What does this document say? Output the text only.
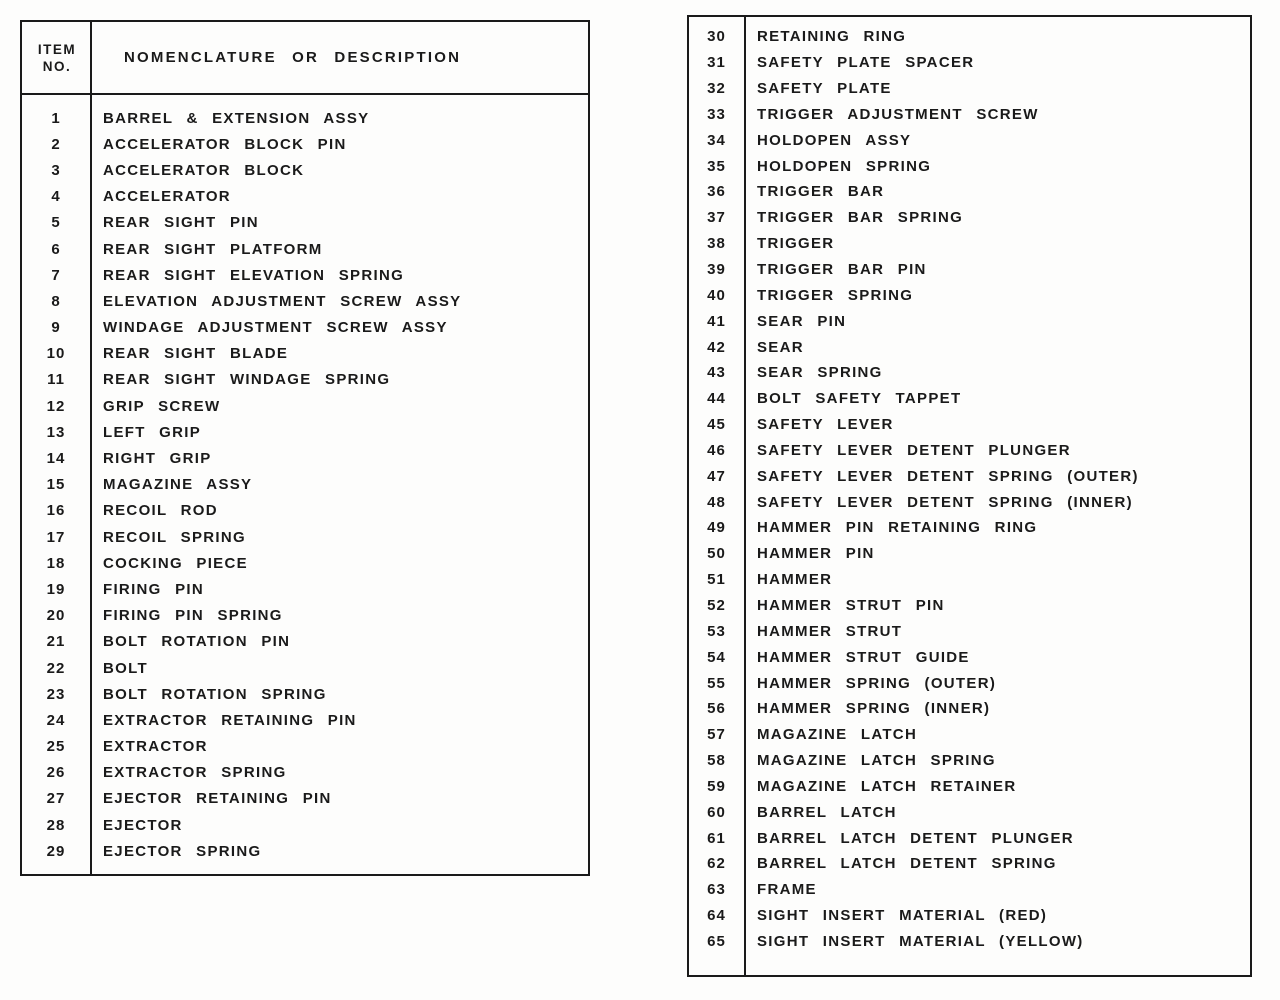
ITEM
NO.	NOMENCLATURE OR DESCRIPTION
1	BARREL & EXTENSION ASSY
2	ACCELERATOR BLOCK PIN
3	ACCELERATOR BLOCK
4	ACCELERATOR
5	REAR SIGHT PIN
6	REAR SIGHT PLATFORM
7	REAR SIGHT ELEVATION SPRING
8	ELEVATION ADJUSTMENT SCREW ASSY
9	WINDAGE ADJUSTMENT SCREW ASSY
10	REAR SIGHT BLADE
11	REAR SIGHT WINDAGE SPRING
12	GRIP SCREW
13	LEFT GRIP
14	RIGHT GRIP
15	MAGAZINE ASSY
16	RECOIL ROD
17	RECOIL SPRING
18	COCKING PIECE
19	FIRING PIN
20	FIRING PIN SPRING
21	BOLT ROTATION PIN
22	BOLT
23	BOLT ROTATION SPRING
24	EXTRACTOR RETAINING PIN
25	EXTRACTOR
26	EXTRACTOR SPRING
27	EJECTOR RETAINING PIN
28	EJECTOR
29	EJECTOR SPRING
30	RETAINING RING
31	SAFETY PLATE SPACER
32	SAFETY PLATE
33	TRIGGER ADJUSTMENT SCREW
34	HOLDOPEN ASSY
35	HOLDOPEN SPRING
36	TRIGGER BAR
37	TRIGGER BAR SPRING
38	TRIGGER
39	TRIGGER BAR PIN
40	TRIGGER SPRING
41	SEAR PIN
42	SEAR
43	SEAR SPRING
44	BOLT SAFETY TAPPET
45	SAFETY LEVER
46	SAFETY LEVER DETENT PLUNGER
47	SAFETY LEVER DETENT SPRING (OUTER)
48	SAFETY LEVER DETENT SPRING (INNER)
49	HAMMER PIN RETAINING RING
50	HAMMER PIN
51	HAMMER
52	HAMMER STRUT PIN
53	HAMMER STRUT
54	HAMMER STRUT GUIDE
55	HAMMER SPRING (OUTER)
56	HAMMER SPRING (INNER)
57	MAGAZINE LATCH
58	MAGAZINE LATCH SPRING
59	MAGAZINE LATCH RETAINER
60	BARREL LATCH
61	BARREL LATCH DETENT PLUNGER
62	BARREL LATCH DETENT SPRING
63	FRAME
64	SIGHT INSERT MATERIAL (RED)
65	SIGHT INSERT MATERIAL (YELLOW)
